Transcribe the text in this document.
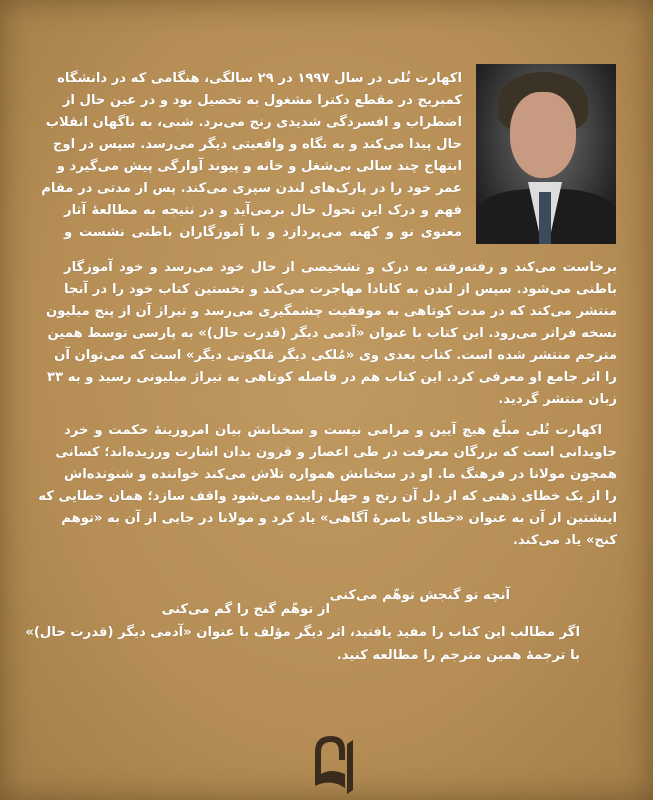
اکهارت تُلی در سال ۱۹۹۷ در ۲۹ سالگی، هنگامی که در دانشگاه
کمبریج در مقطع دکترا مشغول به تحصیل بود و در عین حال از
اضطراب و افسردگی شدیدی رنج می‌برد. شبی، به ناگهان انقلاب
حال پیدا می‌کند و به نگاه و واقعیتی دیگر می‌رسد. سپس در اوج
ابتهاج چند سالی بی‌شغل و خانه و پیوند آوارگی پیش می‌گیرد و
عمر خود را در پارک‌های لندن سپری می‌کند. پس از مدتی در مقام
فهم و درک این تحول حال برمی‌آید و در نتیجه به مطالعهٔ آثار
معنوی نو و کهنه می‌پردازد و با آموزگاران باطنی نشست و
برخاست می‌کند و رفته‌رفته به درک و تشخیصی از حال خود می‌رسد و خود آموزگار
باطنی می‌شود. سپس از لندن به کانادا مهاجرت می‌کند و نخستین کتاب خود را در آنجا
منتشر می‌کند که در مدت کوتاهی به موفقیت چشمگیری می‌رسد و تیراژ آن از پنج میلیون
نسخه فراتر می‌رود. این کتاب با عنوان «آدمی دیگر (قدرت حال)» به پارسی توسط همین
مترجم منتشر شده است. کتاب بعدی وی «مُلکی دیگر مَلکوتی دیگر» است که می‌توان آن
را اثر جامع او معرفی کرد. این کتاب هم در فاصله کوتاهی به تیراژ میلیونی رسید و به ۳۳
زبان منتشر گردید.
اکهارت تُلی مبلّغ هیچ آیین و مرامی نیست و سخنانش بیان امروزینهٔ حکمت و خرد
جاویدانی است که بزرگان معرفت در طی اعصار و قرون بدان اشارت ورزیده‌اند؛ کسانی
همچون مولانا در فرهنگ ما. او در سخنانش همواره تلاش می‌کند خواننده و شنونده‌اش
را از یک خطای ذهنی که از دل آن رنج و جهل زاییده می‌شود واقف سازد؛ همان خطایی که
اینشتین از آن به عنوان «خطای باصرهٔ آگاهی» یاد کرد و مولانا در جایی از آن به «توهم
کنج» یاد می‌کند.
آنچه تو گنجش توهّم می‌کنی
از توهّم گنج را گم می‌کنی
اگر مطالب این کتاب را مفید یافتید، اثر دیگر مؤلف با عنوان «آدمی دیگر (قدرت حال)»
با ترجمهٔ همین مترجم را مطالعه کنید.
